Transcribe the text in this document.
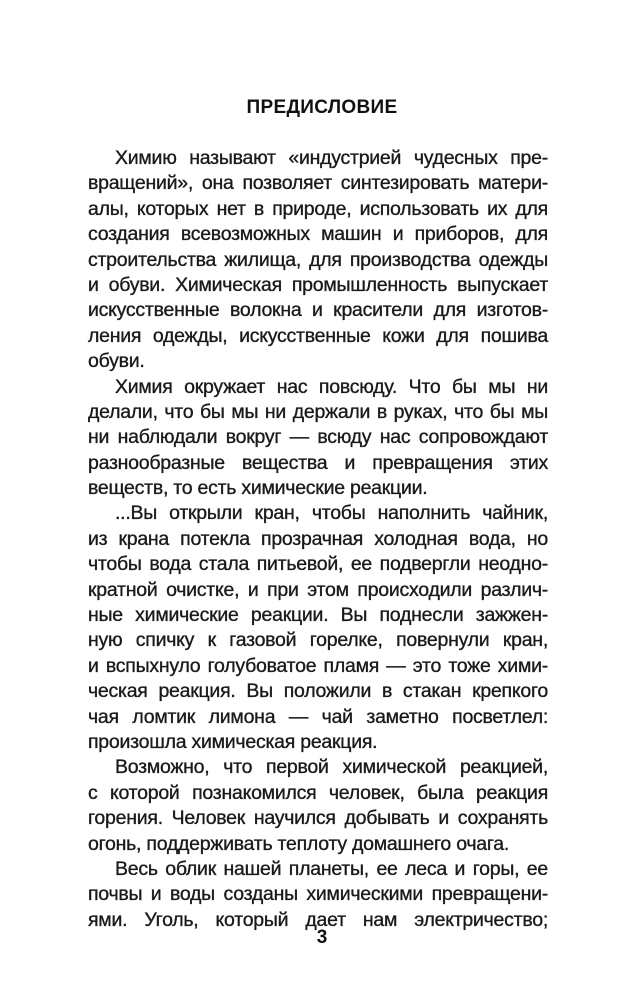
ПРЕДИСЛОВИЕ
Химию называют «индустрией чудесных пре-
вращений», она позволяет синтезировать матери-
алы, которых нет в природе, использовать их для
создания всевозможных машин и приборов, для
строительства жилища, для производства одежды
и обуви. Химическая промышленность выпускает
искусственные волокна и красители для изготов-
ления одежды, искусственные кожи для пошива
обуви.
Химия окружает нас повсюду. Что бы мы ни
делали, что бы мы ни держали в руках, что бы мы
ни наблюдали вокруг — всюду нас сопровождают
разнообразные вещества и превращения этих
веществ, то есть химические реакции.
...Вы открыли кран, чтобы наполнить чайник,
из крана потекла прозрачная холодная вода, но
чтобы вода стала питьевой, ее подвергли неодно-
кратной очистке, и при этом происходили различ-
ные химические реакции. Вы поднесли зажжен-
ную спичку к газовой горелке, повернули кран,
и вспыхнуло голубоватое пламя — это тоже хими-
ческая реакция. Вы положили в стакан крепкого
чая ломтик лимона — чай заметно посветлел:
произошла химическая реакция.
Возможно, что первой химической реакцией,
с которой познакомился человек, была реакция
горения. Человек научился добывать и сохранять
огонь, поддерживать теплоту домашнего очага.
Весь облик нашей планеты, ее леса и горы, ее
почвы и воды созданы химическими превращени-
ями. Уголь, который дает нам электричество;
3
